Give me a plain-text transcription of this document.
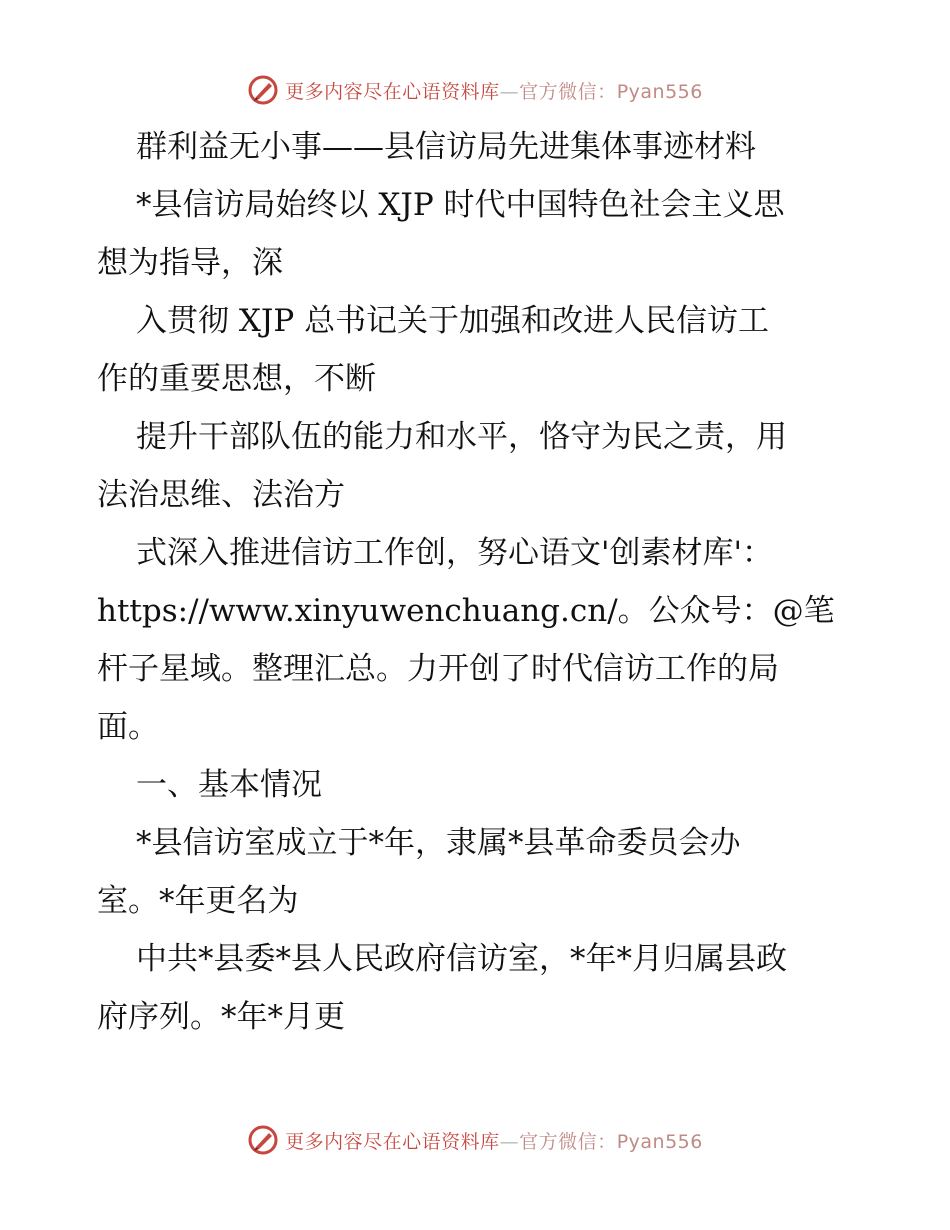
更多内容尽在心语资料库—官方微信：Pyan556
群利益无小事——县信访局先进集体事迹材料
*县信访局始终以 XJP 时代中国特色社会主义思
想为指导，深
入贯彻 XJP 总书记关于加强和改进人民信访工
作的重要思想，不断
提升干部队伍的能力和水平，恪守为民之责，用
法治思维、法治方
式深入推进信访工作创，努心语文'创素材库'：
https://www.xinyuwenchuang.cn/。公众号：@笔
杆子星域。整理汇总。力开创了时代信访工作的局
面。
一、基本情况
*县信访室成立于*年，隶属*县革命委员会办
室。*年更名为
中共*县委*县人民政府信访室，*年*月归属县政
府序列。*年*月更
更多内容尽在心语资料库—官方微信：Pyan556
